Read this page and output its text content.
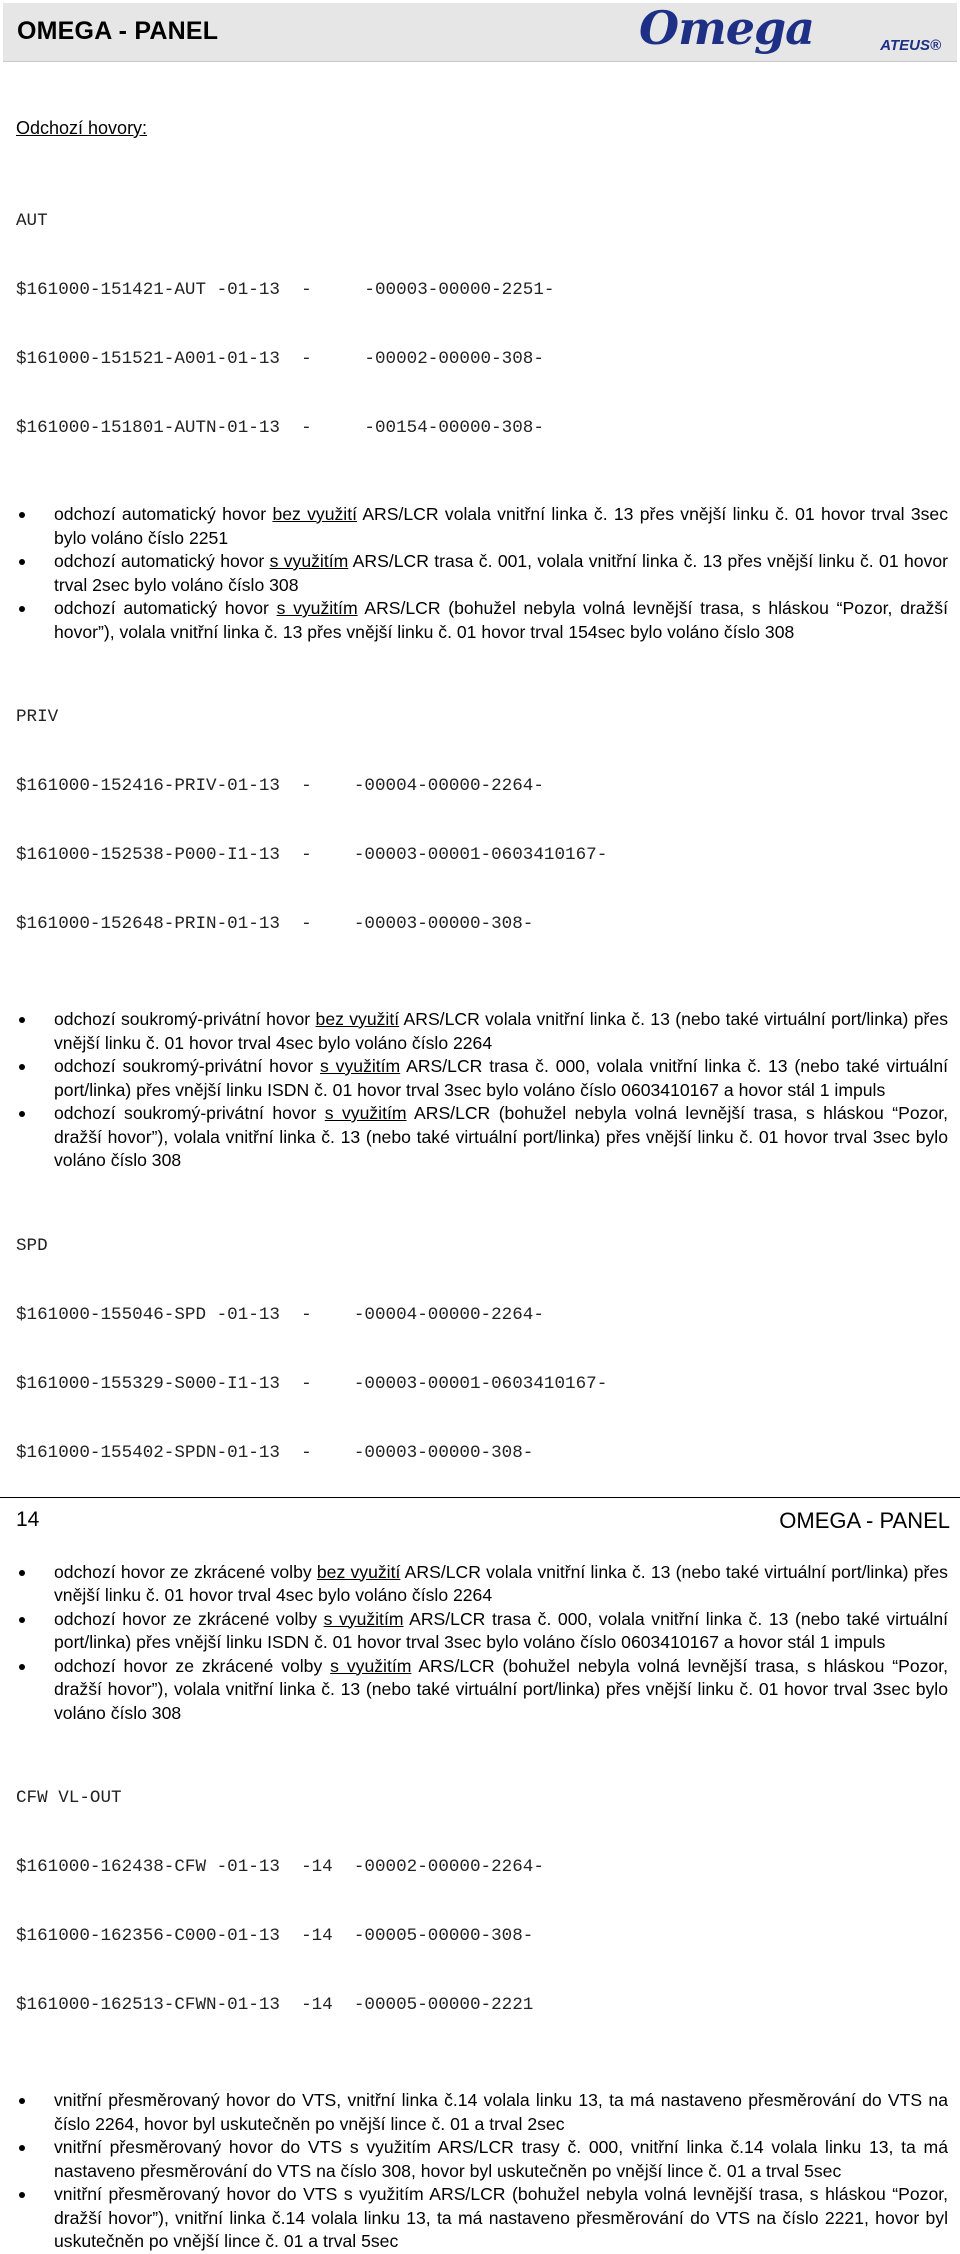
OMEGA - PANEL	Omega	ATEUS®
Odchozí hovory:

AUT

$161000-151421-AUT -01-13  -     -00003-00000-2251-

$161000-151521-A001-01-13  -     -00002-00000-308-

$161000-151801-AUTN-01-13  -     -00154-00000-308-

odchozí automatický hovor bez využití ARS/LCR volala vnitřní linka č. 13 přes vnější linku č. 01 hovor trval 3sec bylo voláno číslo 2251
odchozí automatický hovor s využitím ARS/LCR trasa č. 001, volala vnitřní linka č. 13 přes vnější linku č. 01 hovor trval 2sec bylo voláno číslo 308
odchozí automatický hovor s využitím ARS/LCR (bohužel nebyla volná levnější trasa, s hláskou “Pozor, dražší hovor”), volala vnitřní linka č. 13 přes vnější linku č. 01 hovor trval 154sec bylo voláno číslo 308

PRIV

$161000-152416-PRIV-01-13  -    -00004-00000-2264-

$161000-152538-P000-I1-13  -    -00003-00001-0603410167-

$161000-152648-PRIN-01-13  -    -00003-00000-308-

odchozí soukromý-privátní hovor bez využití ARS/LCR volala vnitřní linka č. 13 (nebo také virtuální port/linka) přes vnější linku č. 01 hovor trval 4sec bylo voláno číslo 2264
odchozí soukromý-privátní hovor s využitím ARS/LCR trasa č. 000, volala vnitřní linka č. 13 (nebo také virtuální port/linka) přes vnější linku ISDN č. 01 hovor trval 3sec bylo voláno číslo 0603410167 a hovor stál 1 impuls
odchozí soukromý-privátní hovor s využitím ARS/LCR (bohužel nebyla volná levnější trasa, s hláskou “Pozor, dražší hovor”), volala vnitřní linka č. 13 (nebo také virtuální port/linka) přes vnější linku č. 01 hovor trval 3sec bylo voláno číslo 308

SPD

$161000-155046-SPD -01-13  -    -00004-00000-2264-

$161000-155329-S000-I1-13  -    -00003-00001-0603410167-

$161000-155402-SPDN-01-13  -    -00003-00000-308-

odchozí hovor ze zkrácené volby bez využití ARS/LCR volala vnitřní linka č. 13 (nebo také virtuální port/linka) přes vnější linku č. 01 hovor trval 4sec bylo voláno číslo 2264
odchozí hovor ze zkrácené volby s využitím ARS/LCR trasa č. 000, volala vnitřní linka č. 13 (nebo také virtuální port/linka) přes vnější linku ISDN č. 01 hovor trval 3sec bylo voláno číslo 0603410167 a hovor stál 1 impuls
odchozí hovor ze zkrácené volby s využitím ARS/LCR (bohužel nebyla volná levnější trasa, s hláskou “Pozor, dražší hovor”), volala vnitřní linka č. 13 (nebo také virtuální port/linka) přes vnější linku č. 01 hovor trval 3sec bylo voláno číslo 308

CFW VL-OUT

$161000-162438-CFW -01-13  -14  -00002-00000-2264-

$161000-162356-C000-01-13  -14  -00005-00000-308-

$161000-162513-CFWN-01-13  -14  -00005-00000-2221

vnitřní přesměrovaný hovor do VTS, vnitřní linka č.14 volala linku 13, ta má nastaveno přesměrování do VTS na číslo 2264, hovor byl uskutečněn po vnější lince č. 01 a trval 2sec
vnitřní přesměrovaný hovor do VTS s využitím ARS/LCR trasy č. 000, vnitřní linka č.14 volala linku 13, ta má nastaveno přesměrování do VTS na číslo 308, hovor byl uskutečněn po vnější lince č. 01 a trval 5sec
vnitřní přesměrovaný hovor do VTS s využitím ARS/LCR (bohužel nebyla volná levnější trasa, s hláskou “Pozor, dražší hovor”), vnitřní linka č.14 volala linku 13, ta má nastaveno přesměrování do VTS na číslo 2221, hovor byl uskutečněn po vnější lince č. 01 a trval 5sec
14	OMEGA - PANEL
